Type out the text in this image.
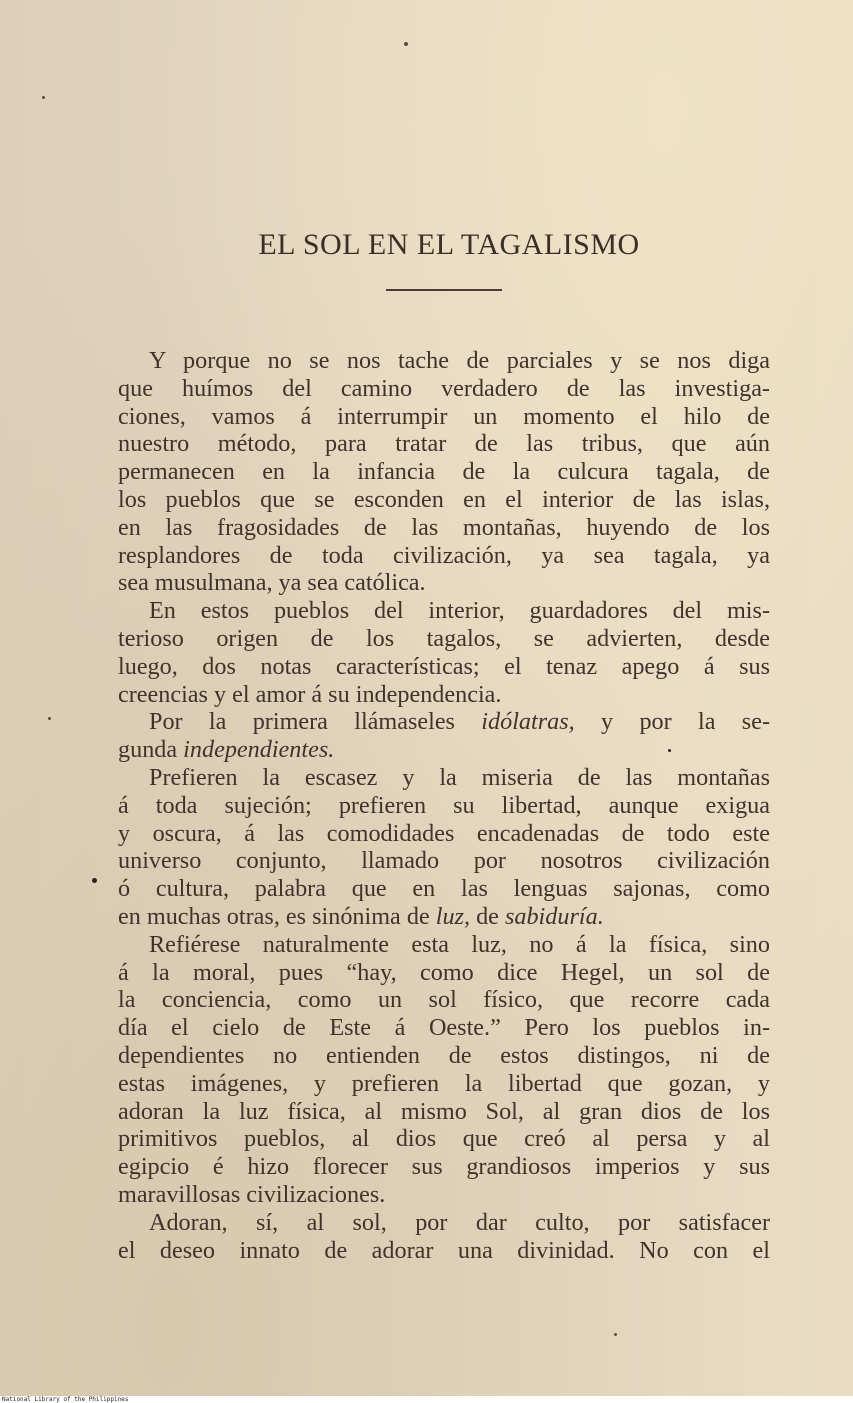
EL SOL EN EL TAGALISMO
Y porque no se nos tache de parciales y se nos diga
que huímos del camino verdadero de las investiga-
ciones, vamos á interrumpir un momento el hilo de
nuestro método, para tratar de las tribus, que aún
permanecen en la infancia de la culcura tagala, de
los pueblos que se esconden en el interior de las islas,
en las fragosidades de las montañas, huyendo de los
resplandores de toda civilización, ya sea tagala, ya
sea musulmana, ya sea católica.
En estos pueblos del interior, guardadores del mis-
terioso origen de los tagalos, se advierten, desde
luego, dos notas características; el tenaz apego á sus
creencias y el amor á su independencia.
Por la primera llámaseles idólatras, y por la se-
gunda independientes.
Prefieren la escasez y la miseria de las montañas
á toda sujeción; prefieren su libertad, aunque exigua
y oscura, á las comodidades encadenadas de todo este
universo conjunto, llamado por nosotros civilización
ó cultura, palabra que en las lenguas sajonas, como
en muchas otras, es sinónima de luz, de sabiduría.
Refiérese naturalmente esta luz, no á la física, sino
á la moral, pues “hay, como dice Hegel, un sol de
la conciencia, como un sol físico, que recorre cada
día el cielo de Este á Oeste.” Pero los pueblos in-
dependientes no entienden de estos distingos, ni de
estas imágenes, y prefieren la libertad que gozan, y
adoran la luz física, al mismo Sol, al gran dios de los
primitivos pueblos, al dios que creó al persa y al
egipcio é hizo florecer sus grandiosos imperios y sus
maravillosas civilizaciones.
Adoran, sí, al sol, por dar culto, por satisfacer
el deseo innato de adorar una divinidad. No con el
National Library of the Philippines
